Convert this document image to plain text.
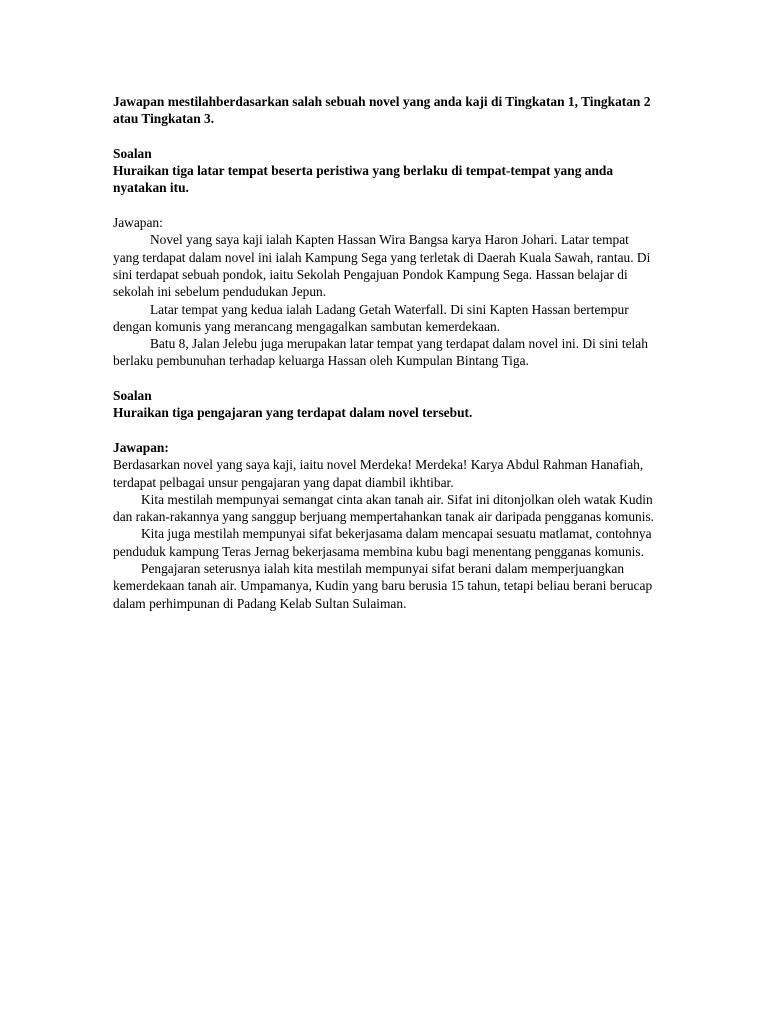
Jawapan mestilahberdasarkan salah sebuah novel yang anda kaji di Tingkatan 1, Tingkatan 2 atau Tingkatan 3.

Soalan

Huraikan tiga latar tempat beserta peristiwa yang berlaku di tempat-tempat yang anda nyatakan itu.

Jawapan:

Novel yang saya kaji ialah Kapten Hassan Wira Bangsa karya Haron Johari. Latar tempat yang terdapat dalam novel ini ialah Kampung Sega yang terletak di Daerah Kuala Sawah, rantau. Di sini terdapat sebuah pondok, iaitu Sekolah Pengajuan Pondok Kampung Sega. Hassan belajar di sekolah ini sebelum pendudukan Jepun.

Latar tempat yang kedua ialah Ladang Getah Waterfall. Di sini Kapten Hassan bertempur dengan komunis yang merancang mengagalkan sambutan kemerdekaan.

Batu 8, Jalan Jelebu juga merupakan latar tempat yang terdapat dalam novel ini. Di sini telah berlaku pembunuhan terhadap keluarga Hassan oleh Kumpulan Bintang Tiga.

Soalan

Huraikan tiga pengajaran yang terdapat dalam novel tersebut.

Jawapan:

Berdasarkan novel yang saya kaji, iaitu novel Merdeka! Merdeka! Karya Abdul Rahman Hanafiah, terdapat pelbagai unsur pengajaran yang dapat diambil ikhtibar.

Kita mestilah mempunyai semangat cinta akan tanah air. Sifat ini ditonjolkan oleh watak Kudin dan rakan-rakannya yang sanggup berjuang mempertahankan tanak air daripada pengganas komunis.

Kita juga mestilah mempunyai sifat bekerjasama dalam mencapai sesuatu matlamat, contohnya penduduk kampung Teras Jernag bekerjasama membina kubu bagi menentang pengganas komunis.

Pengajaran seterusnya ialah kita mestilah mempunyai sifat berani dalam memperjuangkan kemerdekaan tanah air. Umpamanya, Kudin yang baru berusia 15 tahun, tetapi beliau berani berucap dalam perhimpunan di Padang Kelab Sultan Sulaiman.
